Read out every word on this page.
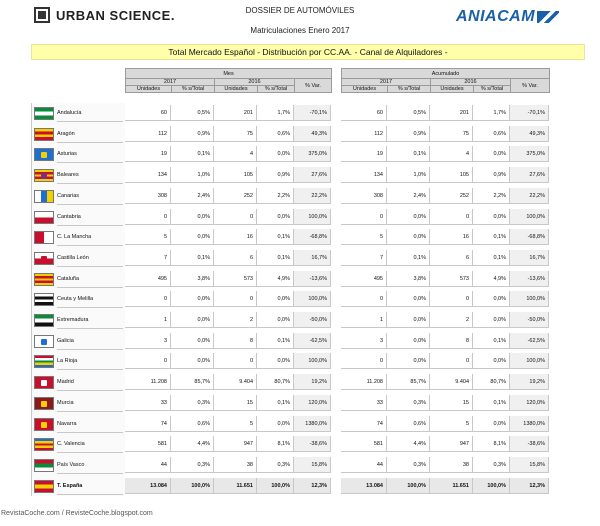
URBAN SCIENCE.	DOSSIER DE AUTOMÓVILES
Matriculaciones Enero 2017
ANIACAM
Total Mercado Español - Distribución por CC.AA. - Canal de Alquiladores -
Mes				
2017		2016		% Var.
Unidades	% s/Total	Unidades	% s/Total	
Acumulado				
2017		2016		% Var.
Unidades	% s/Total	Unidades	% s/Total	
Andalucía	60	0,5%	201	1,7%	-70,1%	60	0,5%	201	1,7%	-70,1%
Aragón	112	0,9%	75	0,6%	49,3%	112	0,9%	75	0,6%	49,3%
Asturias	19	0,1%	4	0,0%	375,0%	19	0,1%	4	0,0%	375,0%
Baleares	134	1,0%	105	0,9%	27,6%	134	1,0%	105	0,9%	27,6%
Canarias	308	2,4%	252	2,2%	22,2%	308	2,4%	252	2,2%	22,2%
Cantabria	0	0,0%	0	0,0%	100,0%	0	0,0%	0	0,0%	100,0%
C. La Mancha	5	0,0%	16	0,1%	-68,8%	5	0,0%	16	0,1%	-68,8%
Castilla León	7	0,1%	6	0,1%	16,7%	7	0,1%	6	0,1%	16,7%
Cataluña	495	3,8%	573	4,9%	-13,6%	495	3,8%	573	4,9%	-13,6%
Ceuta y Melilla	0	0,0%	0	0,0%	100,0%	0	0,0%	0	0,0%	100,0%
Extremadura	1	0,0%	2	0,0%	-50,0%	1	0,0%	2	0,0%	-50,0%
Galicia	3	0,0%	8	0,1%	-62,5%	3	0,0%	8	0,1%	-62,5%
La Rioja	0	0,0%	0	0,0%	100,0%	0	0,0%	0	0,0%	100,0%
Madrid	11.208	85,7%	9.404	80,7%	19,2%	11.208	85,7%	9.404	80,7%	19,2%
Murcia	33	0,3%	15	0,1%	120,0%	33	0,3%	15	0,1%	120,0%
Navarra	74	0,6%	5	0,0%	1380,0%	74	0,6%	5	0,0%	1380,0%
C. Valencia	581	4,4%	947	8,1%	-38,6%	581	4,4%	947	8,1%	-38,6%
País Vasco	44	0,3%	38	0,3%	15,8%	44	0,3%	38	0,3%	15,8%
T. España	13.084	100,0%	11.651	100,0%	12,3%	13.084	100,0%	11.651	100,0%	12,3%
RevistaCoche.com / RevisteCoche.blogspot.com
